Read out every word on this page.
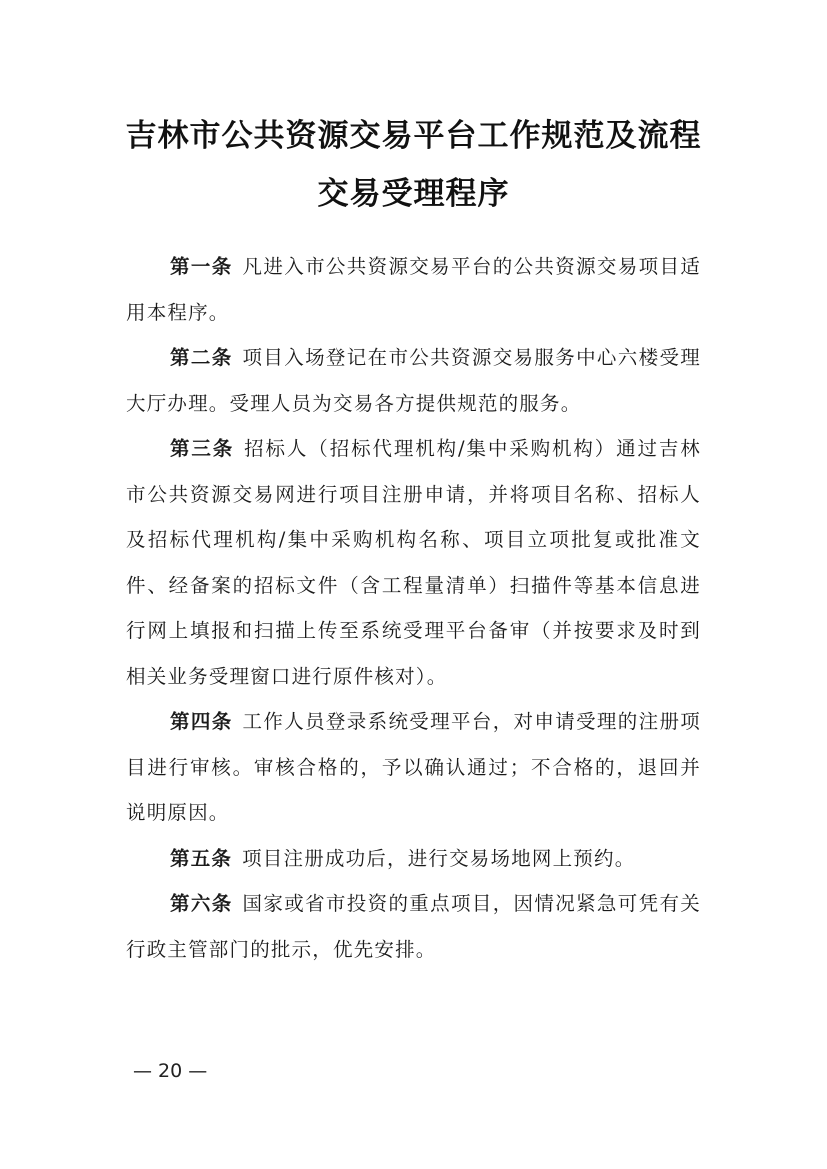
吉林市公共资源交易平台工作规范及流程
交易受理程序

第一条 凡进入市公共资源交易平台的公共资源交易项目适用本程序。

第二条 项目入场登记在市公共资源交易服务中心六楼受理大厅办理。受理人员为交易各方提供规范的服务。

第三条 招标人（招标代理机构/集中采购机构）通过吉林市公共资源交易网进行项目注册申请，并将项目名称、招标人及招标代理机构/集中采购机构名称、项目立项批复或批准文件、经备案的招标文件（含工程量清单）扫描件等基本信息进行网上填报和扫描上传至系统受理平台备审（并按要求及时到相关业务受理窗口进行原件核对）。

第四条 工作人员登录系统受理平台，对申请受理的注册项目进行审核。审核合格的，予以确认通过；不合格的，退回并说明原因。

第五条 项目注册成功后，进行交易场地网上预约。

第六条 国家或省市投资的重点项目，因情况紧急可凭有关行政主管部门的批示，优先安排。

— 20 —
